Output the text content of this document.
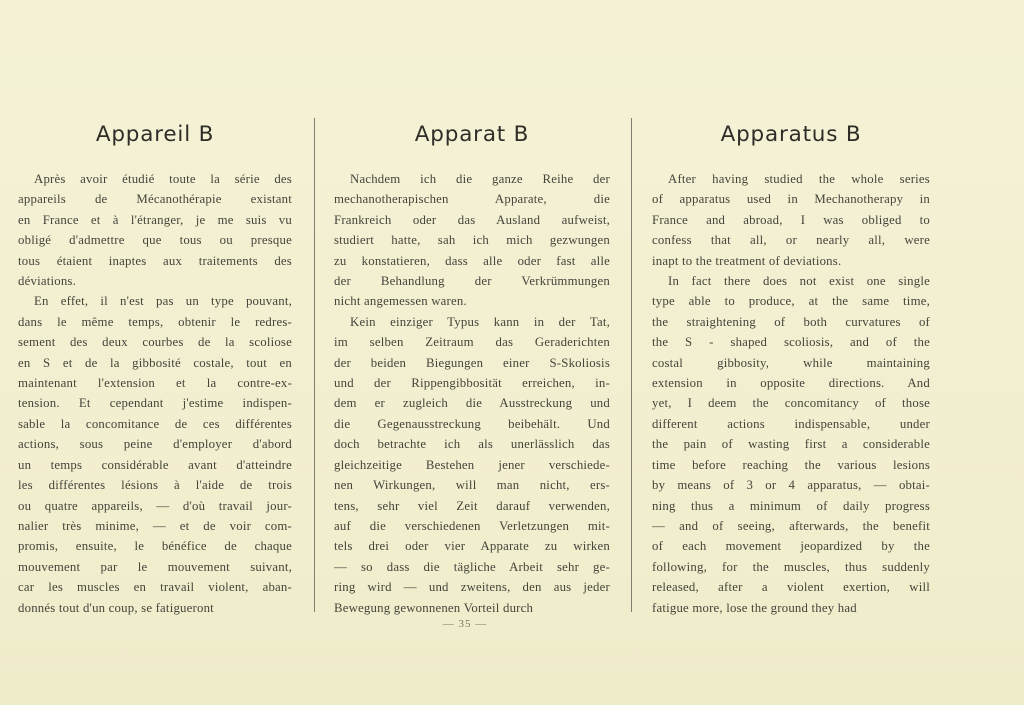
Appareil B

Après avoir étudié toute la série des
appareils de Mécanothérapie existant
en France et à l'étranger, je me suis vu
obligé d'admettre que tous ou presque
tous étaient inaptes aux traitements des
déviations.

En effet, il n'est pas un type pouvant,
dans le même temps, obtenir le redres-
sement des deux courbes de la scoliose
en S et de la gibbosité costale, tout en
maintenant l'extension et la contre-ex-
tension. Et cependant j'estime indispen-
sable la concomitance de ces différentes
actions, sous peine d'employer d'abord
un temps considérable avant d'atteindre
les différentes lésions à l'aide de trois
ou quatre appareils, — d'où travail jour-
nalier très minime, — et de voir com-
promis, ensuite, le bénéfice de chaque
mouvement par le mouvement suivant,
car les muscles en travail violent, aban-
donnés tout d'un coup, se fatigueront

Apparat B

Nachdem ich die ganze Reihe der
mechanotherapischen Apparate, die
Frankreich oder das Ausland aufweist,
studiert hatte, sah ich mich gezwungen
zu konstatieren, dass alle oder fast alle
der Behandlung der Verkrümmungen
nicht angemessen waren.

Kein einziger Typus kann in der Tat,
im selben Zeitraum das Geraderichten
der beiden Biegungen einer S-Skoliosis
und der Rippengibbosität erreichen, in-
dem er zugleich die Ausstreckung und
die Gegenausstreckung beibehält. Und
doch betrachte ich als unerlässlich das
gleichzeitige Bestehen jener verschiede-
nen Wirkungen, will man nicht, ers-
tens, sehr viel Zeit darauf verwenden,
auf die verschiedenen Verletzungen mit-
tels drei oder vier Apparate zu wirken
— so dass die tägliche Arbeit sehr ge-
ring wird — und zweitens, den aus jeder
Bewegung gewonnenen Vorteil durch

Apparatus B

After having studied the whole series
of apparatus used in Mechanotherapy in
France and abroad, I was obliged to
confess that all, or nearly all, were
inapt to the treatment of deviations.

In fact there does not exist one single
type able to produce, at the same time,
the straightening of both curvatures of
the S - shaped scoliosis, and of the
costal gibbosity, while maintaining
extension in opposite directions. And
yet, I deem the concomitancy of those
different actions indispensable, under
the pain of wasting first a considerable
time before reaching the various lesions
by means of 3 or 4 apparatus, — obtai-
ning thus a minimum of daily progress
— and of seeing, afterwards, the benefit
of each movement jeopardized by the
following, for the muscles, thus suddenly
released, after a violent exertion, will
fatigue more, lose the ground they had

— 35 —
